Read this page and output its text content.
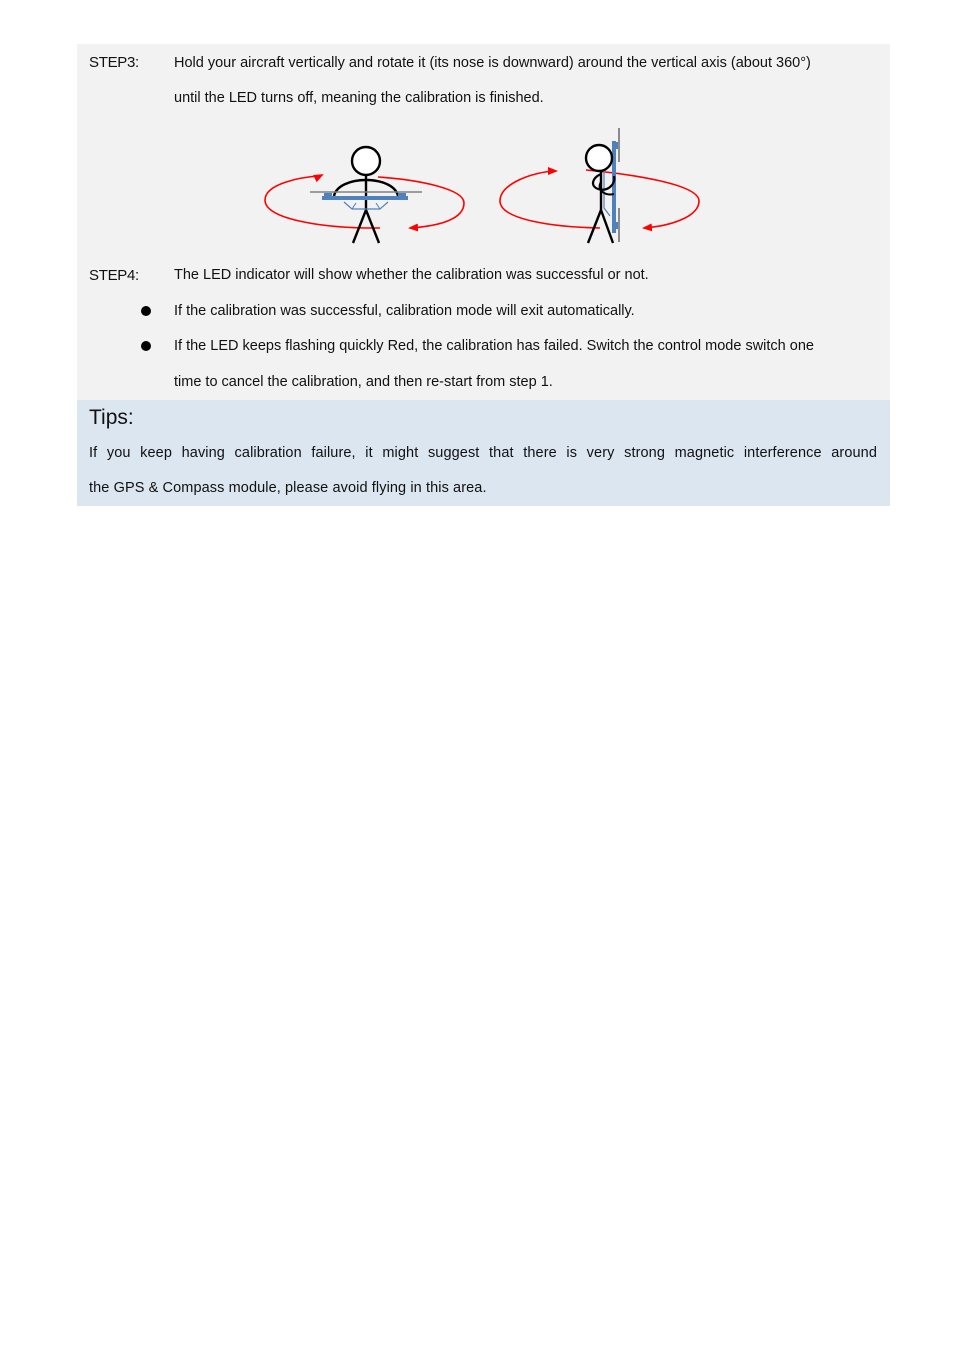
STEP3: Hold your aircraft vertically and rotate it (its nose is downward) around the vertical axis (about 360°)
until the LED turns off, meaning the calibration is finished.
STEP4: The LED indicator will show whether the calibration was successful or not.
If the calibration was successful, calibration mode will exit automatically.
If the LED keeps flashing quickly Red, the calibration has failed. Switch the control mode switch one
time to cancel the calibration, and then re-start from step 1.
Tips:
If you keep having calibration failure, it might suggest that there is very strong magnetic interference around
the GPS & Compass module, please avoid flying in this area.
